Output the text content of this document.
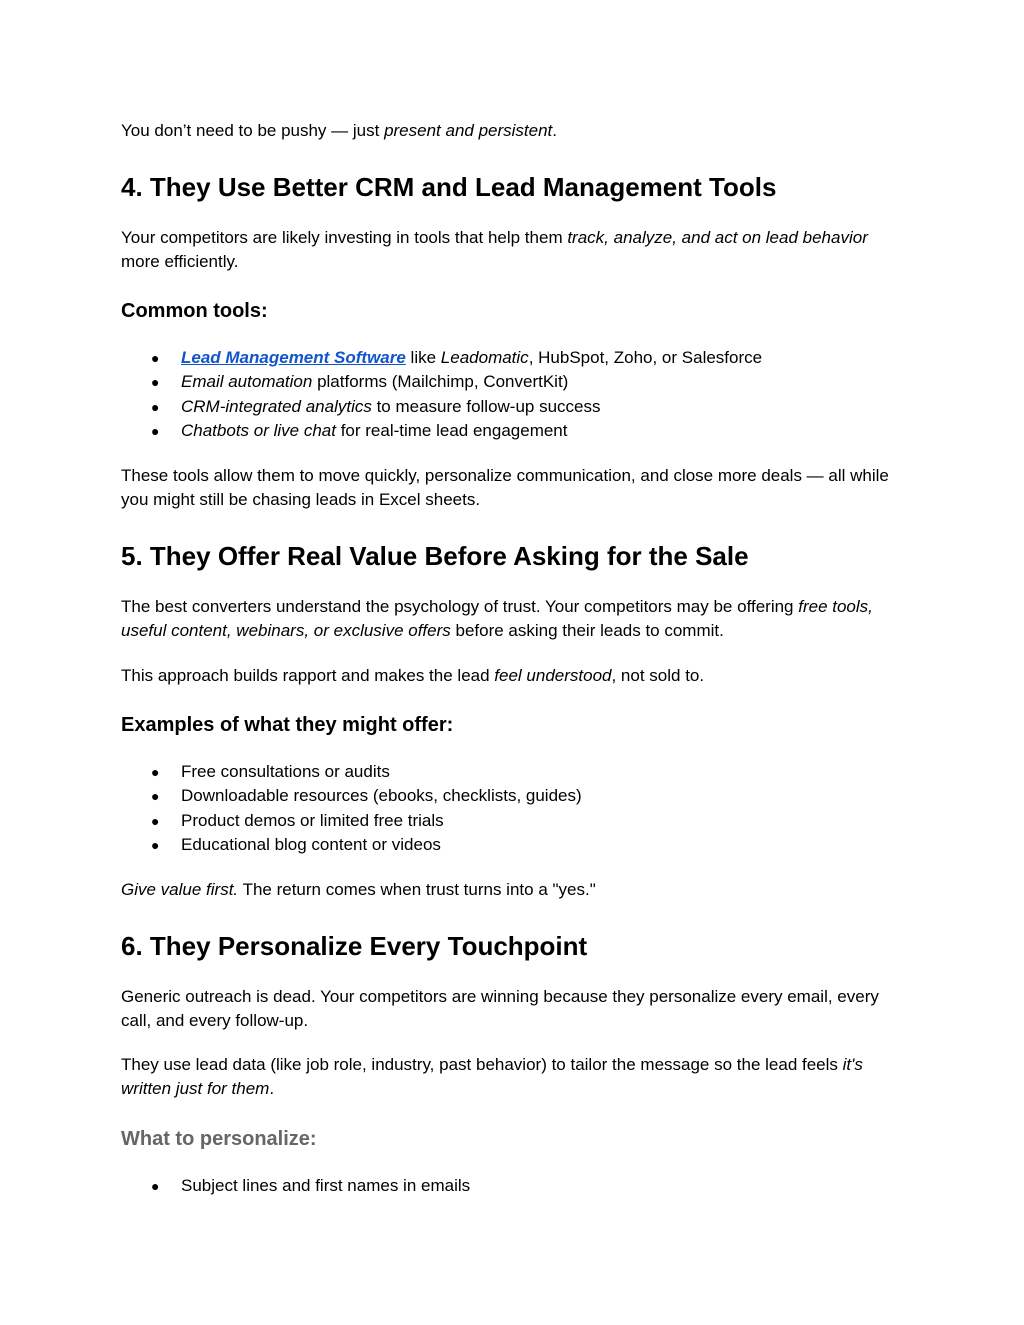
You don’t need to be pushy — just present and persistent.

4. They Use Better CRM and Lead Management Tools

Your competitors are likely investing in tools that help them track, analyze, and act on lead behavior more efficiently.

Common tools:
● Lead Management Software like Leadomatic, HubSpot, Zoho, or Salesforce
● Email automation platforms (Mailchimp, ConvertKit)
● CRM-integrated analytics to measure follow-up success
● Chatbots or live chat for real-time lead engagement

These tools allow them to move quickly, personalize communication, and close more deals — all while you might still be chasing leads in Excel sheets.

5. They Offer Real Value Before Asking for the Sale

The best converters understand the psychology of trust. Your competitors may be offering free tools, useful content, webinars, or exclusive offers before asking their leads to commit.

This approach builds rapport and makes the lead feel understood, not sold to.

Examples of what they might offer:
● Free consultations or audits
● Downloadable resources (ebooks, checklists, guides)
● Product demos or limited free trials
● Educational blog content or videos

Give value first. The return comes when trust turns into a "yes."

6. They Personalize Every Touchpoint

Generic outreach is dead. Your competitors are winning because they personalize every email, every call, and every follow-up.

They use lead data (like job role, industry, past behavior) to tailor the message so the lead feels it's written just for them.

What to personalize:
● Subject lines and first names in emails
